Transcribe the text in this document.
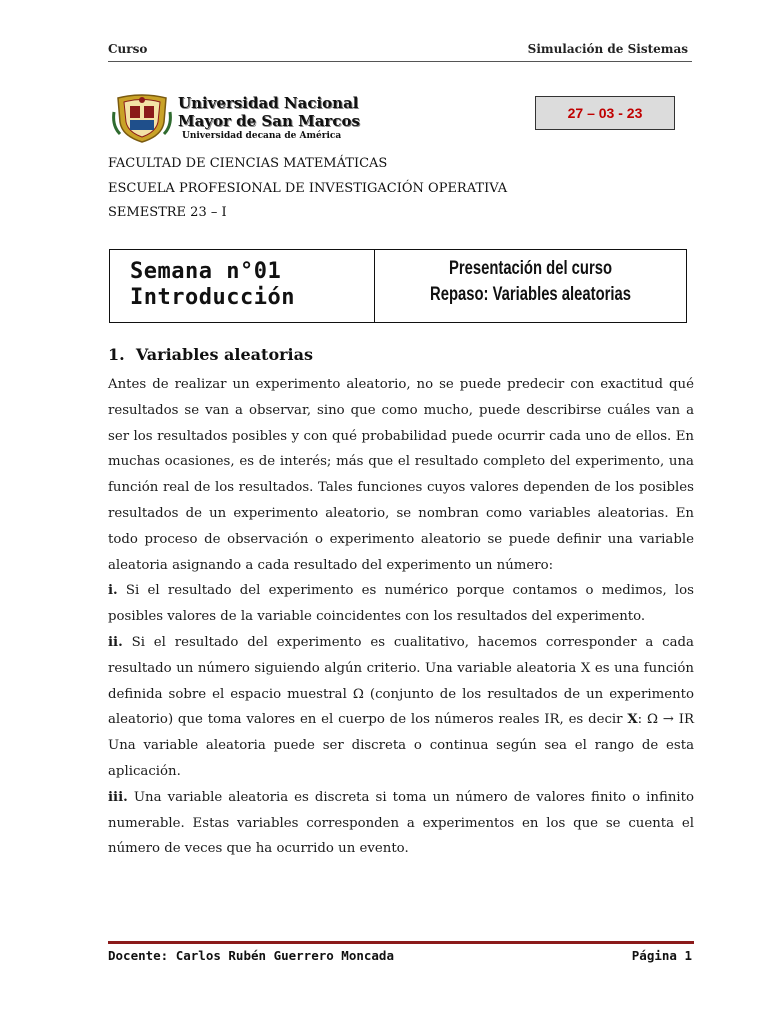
Curso	Simulación de Sistemas
Universidad Nacional
Mayor de San Marcos
Universidad decana de América
27 – 03 - 23
FACULTAD DE CIENCIAS MATEMÁTICAS
ESCUELA PROFESIONAL DE INVESTIGACIÓN OPERATIVA
SEMESTRE 23 – I
Semana n°01
Introducción
Presentación del curso
Repaso: Variables aleatorias
1. Variables aleatorias

Antes de realizar un experimento aleatorio, no se puede predecir con exactitud qué resultados se van a observar, sino que como mucho, puede describirse cuáles van a ser los resultados posibles y con qué probabilidad puede ocurrir cada uno de ellos. En muchas ocasiones, es de interés; más que el resultado completo del experimento, una función real de los resultados. Tales funciones cuyos valores dependen de los posibles resultados de un experimento aleatorio, se nombran como variables aleatorias. En todo proceso de observación o experimento aleatorio se puede definir una variable aleatoria asignando a cada resultado del experimento un número:

i. Si el resultado del experimento es numérico porque contamos o medimos, los posibles valores de la variable coincidentes con los resultados del experimento.

ii. Si el resultado del experimento es cualitativo, hacemos corresponder a cada resultado un número siguiendo algún criterio. Una variable aleatoria X es una función definida sobre el espacio muestral Ω (conjunto de los resultados de un experimento aleatorio) que toma valores en el cuerpo de los números reales IR, es decir X: Ω → IR Una variable aleatoria puede ser discreta o continua según sea el rango de esta aplicación.

iii. Una variable aleatoria es discreta si toma un número de valores finito o infinito numerable. Estas variables corresponden a experimentos en los que se cuenta el número de veces que ha ocurrido un evento.

Docente: Carlos Rubén Guerrero Moncada	Página 1
